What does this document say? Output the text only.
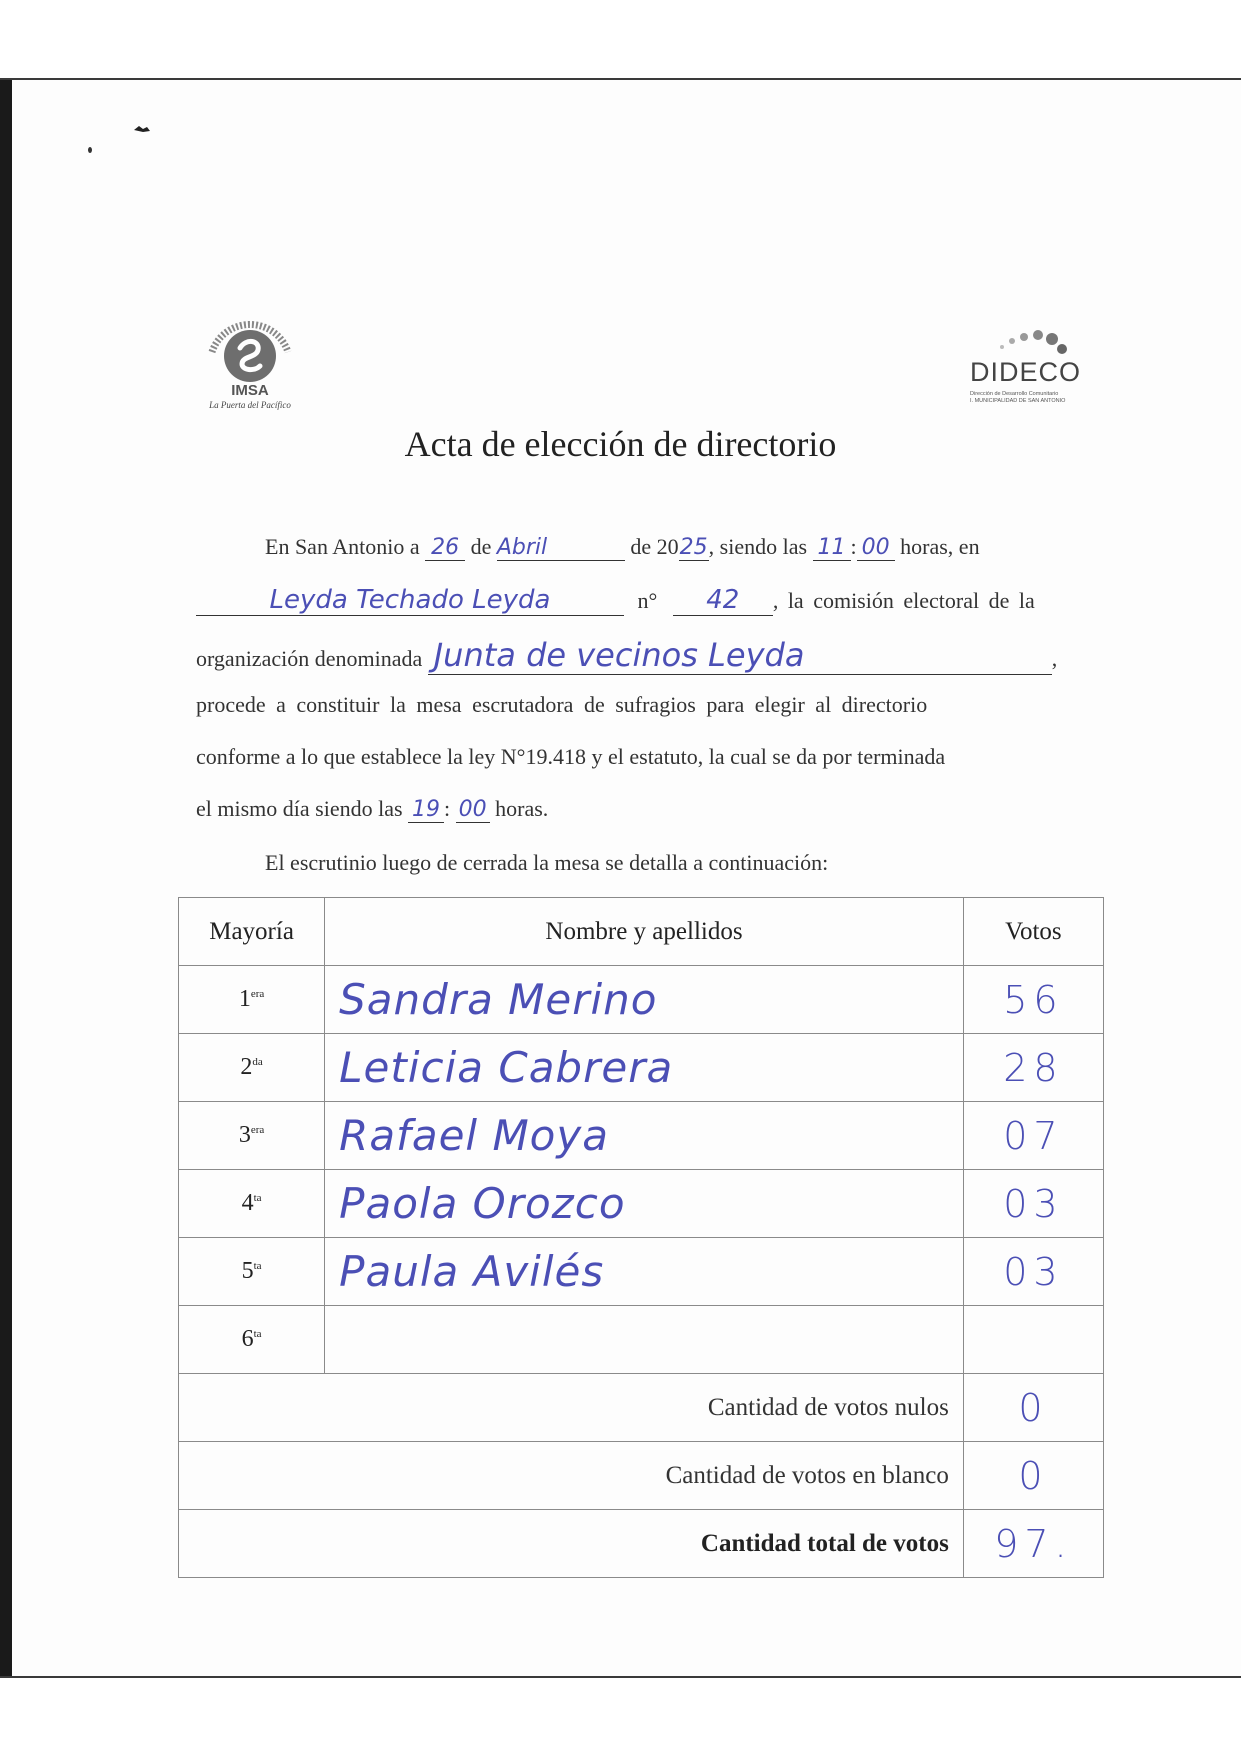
IMSA
La Puerta del Pacífico
DIDECO
Dirección de Desarrollo Comunitario
I. MUNICIPALIDAD DE SAN ANTONIO
Acta de elección de directorio
En San Antonio a 26 de Abril	de 2025, siendo las 11 : 00 horas, en
Leyda Techado Leyda	n° 42 , la comisión electoral de la
organización denominada Junta de vecinos Leyda	,
procede a constituir la mesa escrutadora de sufragios para elegir al directorio
conforme a lo que establece la ley N°19.418 y el estatuto, la cual se da por terminada
el mismo día siendo las 19 : 00 horas.
El escrutinio luego de cerrada la mesa se detalla a continuación:
Mayoría	Nombre y apellidos	Votos
$1^{era}$	Sandra Merino	56
$2^{da}$	Leticia Cabrera	28
$3^{era}$	Rafael Moya	07
$4^{ta}$	Paola Orozco	03
$5^{ta}$	Paula Avilés	03
$6^{ta}$		
Cantidad de votos nulos		0
Cantidad de votos en blanco		0
Cantidad total de votos		97.
